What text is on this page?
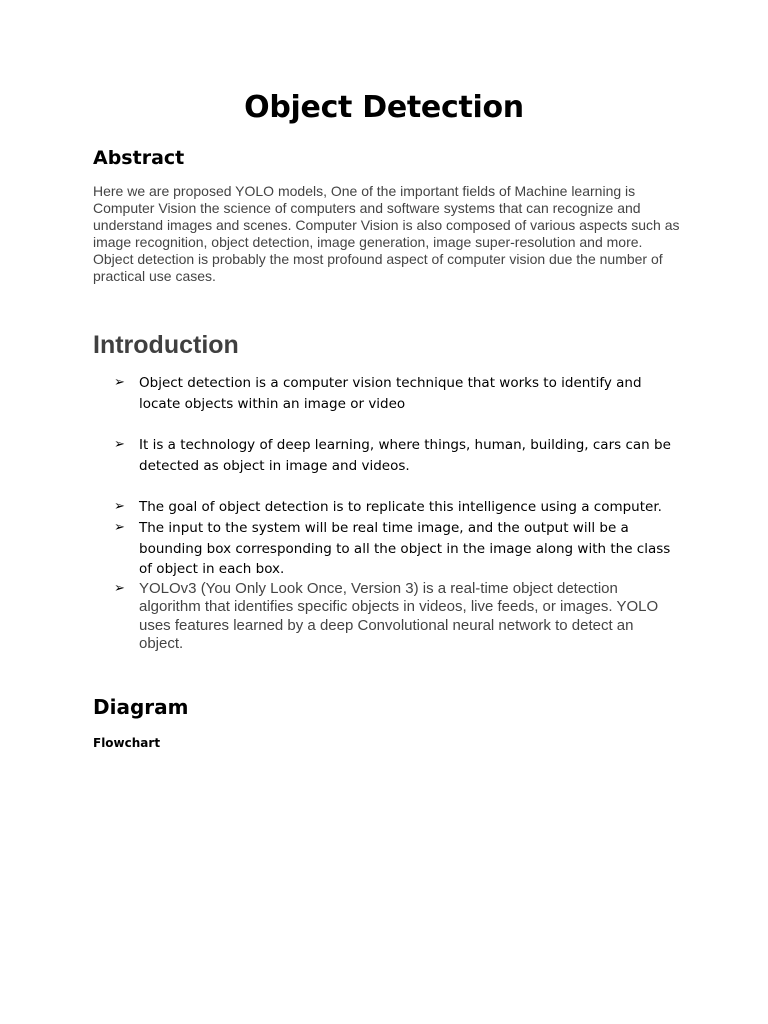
Object Detection
Abstract

Here we are proposed YOLO models, One of the important fields of Machine learning is Computer Vision the science of computers and software systems that can recognize and understand images and scenes. Computer Vision is also composed of various aspects such as image recognition, object detection, image generation, image super-resolution and more. Object detection is probably the most profound aspect of computer vision due the number of practical use cases.

Introduction
➢ Object detection is a computer vision technique that works to identify and locate objects within an image or video

➢ It is a technology of deep learning, where things, human, building, cars can be detected as object in image and videos.

➢ The goal of object detection is to replicate this intelligence using a computer.

➢ The input to the system will be real time image, and the output will be a bounding box corresponding to all the object in the image along with the class of object in each box.

➢ YOLOv3 (You Only Look Once, Version 3) is a real-time object detection algorithm that identifies specific objects in videos, live feeds, or images. YOLO uses features learned by a deep Convolutional neural network to detect an object.

Diagram

Flowchart
